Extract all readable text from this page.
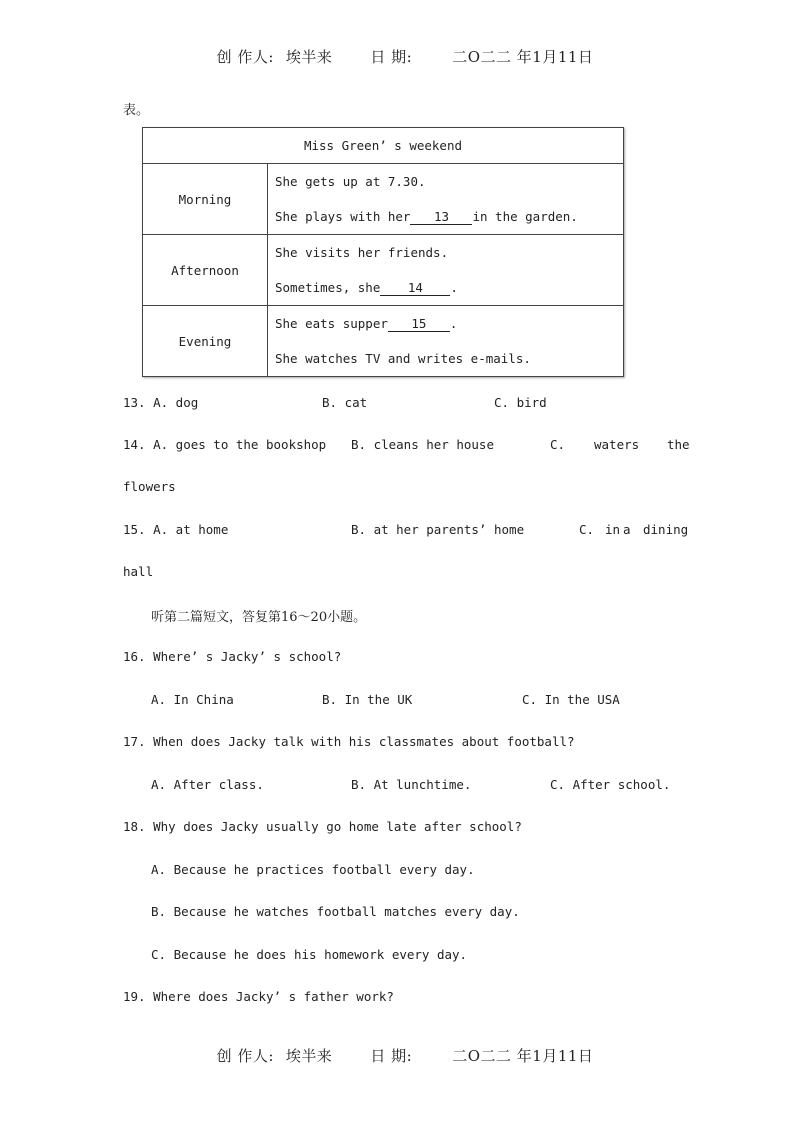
创 作人: 埃半来	日 期:	二O二二 年1月11日
表。
Miss Green’ s weekend	
Morning	She gets up at 7.30.
She plays with her 13 in the garden.

Afternoon	She visits her friends.
Sometimes, she 14 .

Evening	She eats supper 15 .
She watches TV and writes e-mails.
13. A. dog	B. cat	C. bird
14. A. goes to the bookshop B. cleans her house	C. waters the
flowers
15. A. at home	B. at her parents’ home	C. in a dining
hall
听第二篇短文，答复第16～20小题。
16. Where’ s Jacky’ s school?
A. In China	B. In the UK	C. In the USA
17. When does Jacky talk with his classmates about football?
A. After class.	B. At lunchtime.	C. After school.
18. Why does Jacky usually go home late after school?
A. Because he practices football every day.
B. Because he watches football matches every day.
C. Because he does his homework every day.
19. Where does Jacky’ s father work?
创 作人: 埃半来	日 期:	二O二二 年1月11日
